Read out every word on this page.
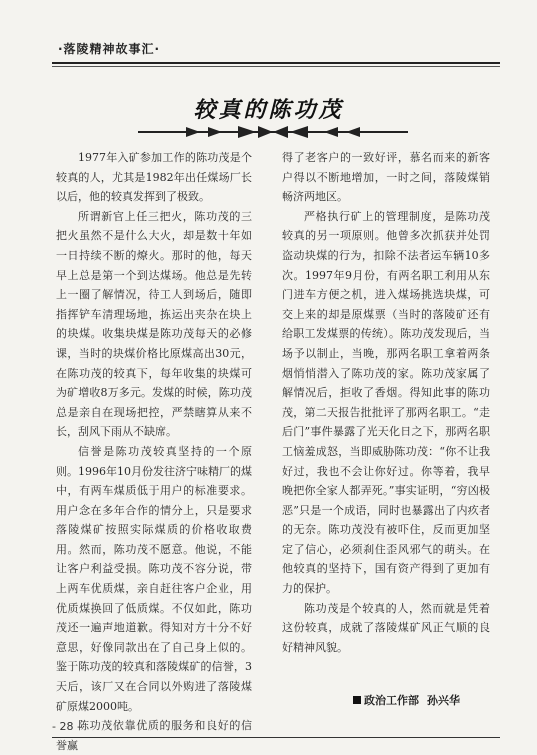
·落陵精神故事汇·
较真的陈功茂

1977年入矿参加工作的陈功茂是个较真的人，尤其是1982年出任煤场厂长以后，他的较真发挥到了极致。

所谓新官上任三把火，陈功茂的三把火虽然不是什么大火，却是数十年如一日持续不断的燎火。那时的他，每天早上总是第一个到达煤场。他总是先转上一圈了解情况，待工人到场后，随即指挥铲车清理场地，拣运出夹杂在块上的块煤。收集块煤是陈功茂每天的必修课，当时的块煤价格比原煤高出30元，在陈功茂的较真下，每年收集的块煤可为矿增收8万多元。发煤的时候，陈功茂总是亲自在现场把控，严禁瞎算从来不长，刮风下雨从不缺席。

信誉是陈功茂较真坚持的一个原则。1996年10月份发往济宁味精厂的煤中，有两车煤质低于用户的标准要求。用户念在多年合作的情分上，只是要求落陵煤矿按照实际煤质的价格收取费用。然而，陈功茂不愿意。他说，不能让客户利益受损。陈功茂不容分说，带上两车优质煤，亲自赶往客户企业，用优质煤换回了低质煤。不仅如此，陈功茂还一遍声地道歉。得知对方十分不好意思，好像同款出在了自己身上似的。鉴于陈功茂的较真和落陵煤矿的信誉，3天后，该厂又在合同以外购进了落陵煤矿原煤2000吨。

陈功茂依靠优质的服务和良好的信誉赢

得了老客户的一致好评，慕名而来的新客户得以不断地增加，一时之间，落陵煤销畅济两地区。

严格执行矿上的管理制度，是陈功茂较真的另一项原则。他曾多次抓获并处罚盗动块煤的行为，扣除不法者运车辆10多次。1997年9月份，有两名职工利用从东门进车方便之机，进入煤场挑选块煤，可交上来的却是原煤票（当时的落陵矿还有给职工发煤票的传统）。陈功茂发现后，当场予以制止，当晚，那两名职工拿着两条烟悄悄潜入了陈功茂的家。陈功茂家属了解情况后，拒收了香烟。得知此事的陈功茂，第二天报告批批评了那两名职工。“走后门”事件暴露了光天化日之下，那两名职工恼羞成怒，当即威胁陈功茂：“你不让我好过，我也不会让你好过。你等着，我早晚把你全家人都弄死。”事实证明，“穷凶极恶”只是一个成语，同时也暴露出了内疚者的无奈。陈功茂没有被吓住，反而更加坚定了信心，必须刹住歪风邪气的萌头。在他较真的坚持下，国有资产得到了更加有力的保护。

陈功茂是个较真的人，然而就是凭着这份较真，成就了落陵煤矿风正气顺的良好精神风貌。

政治工作部 孙兴华
- 28 -
